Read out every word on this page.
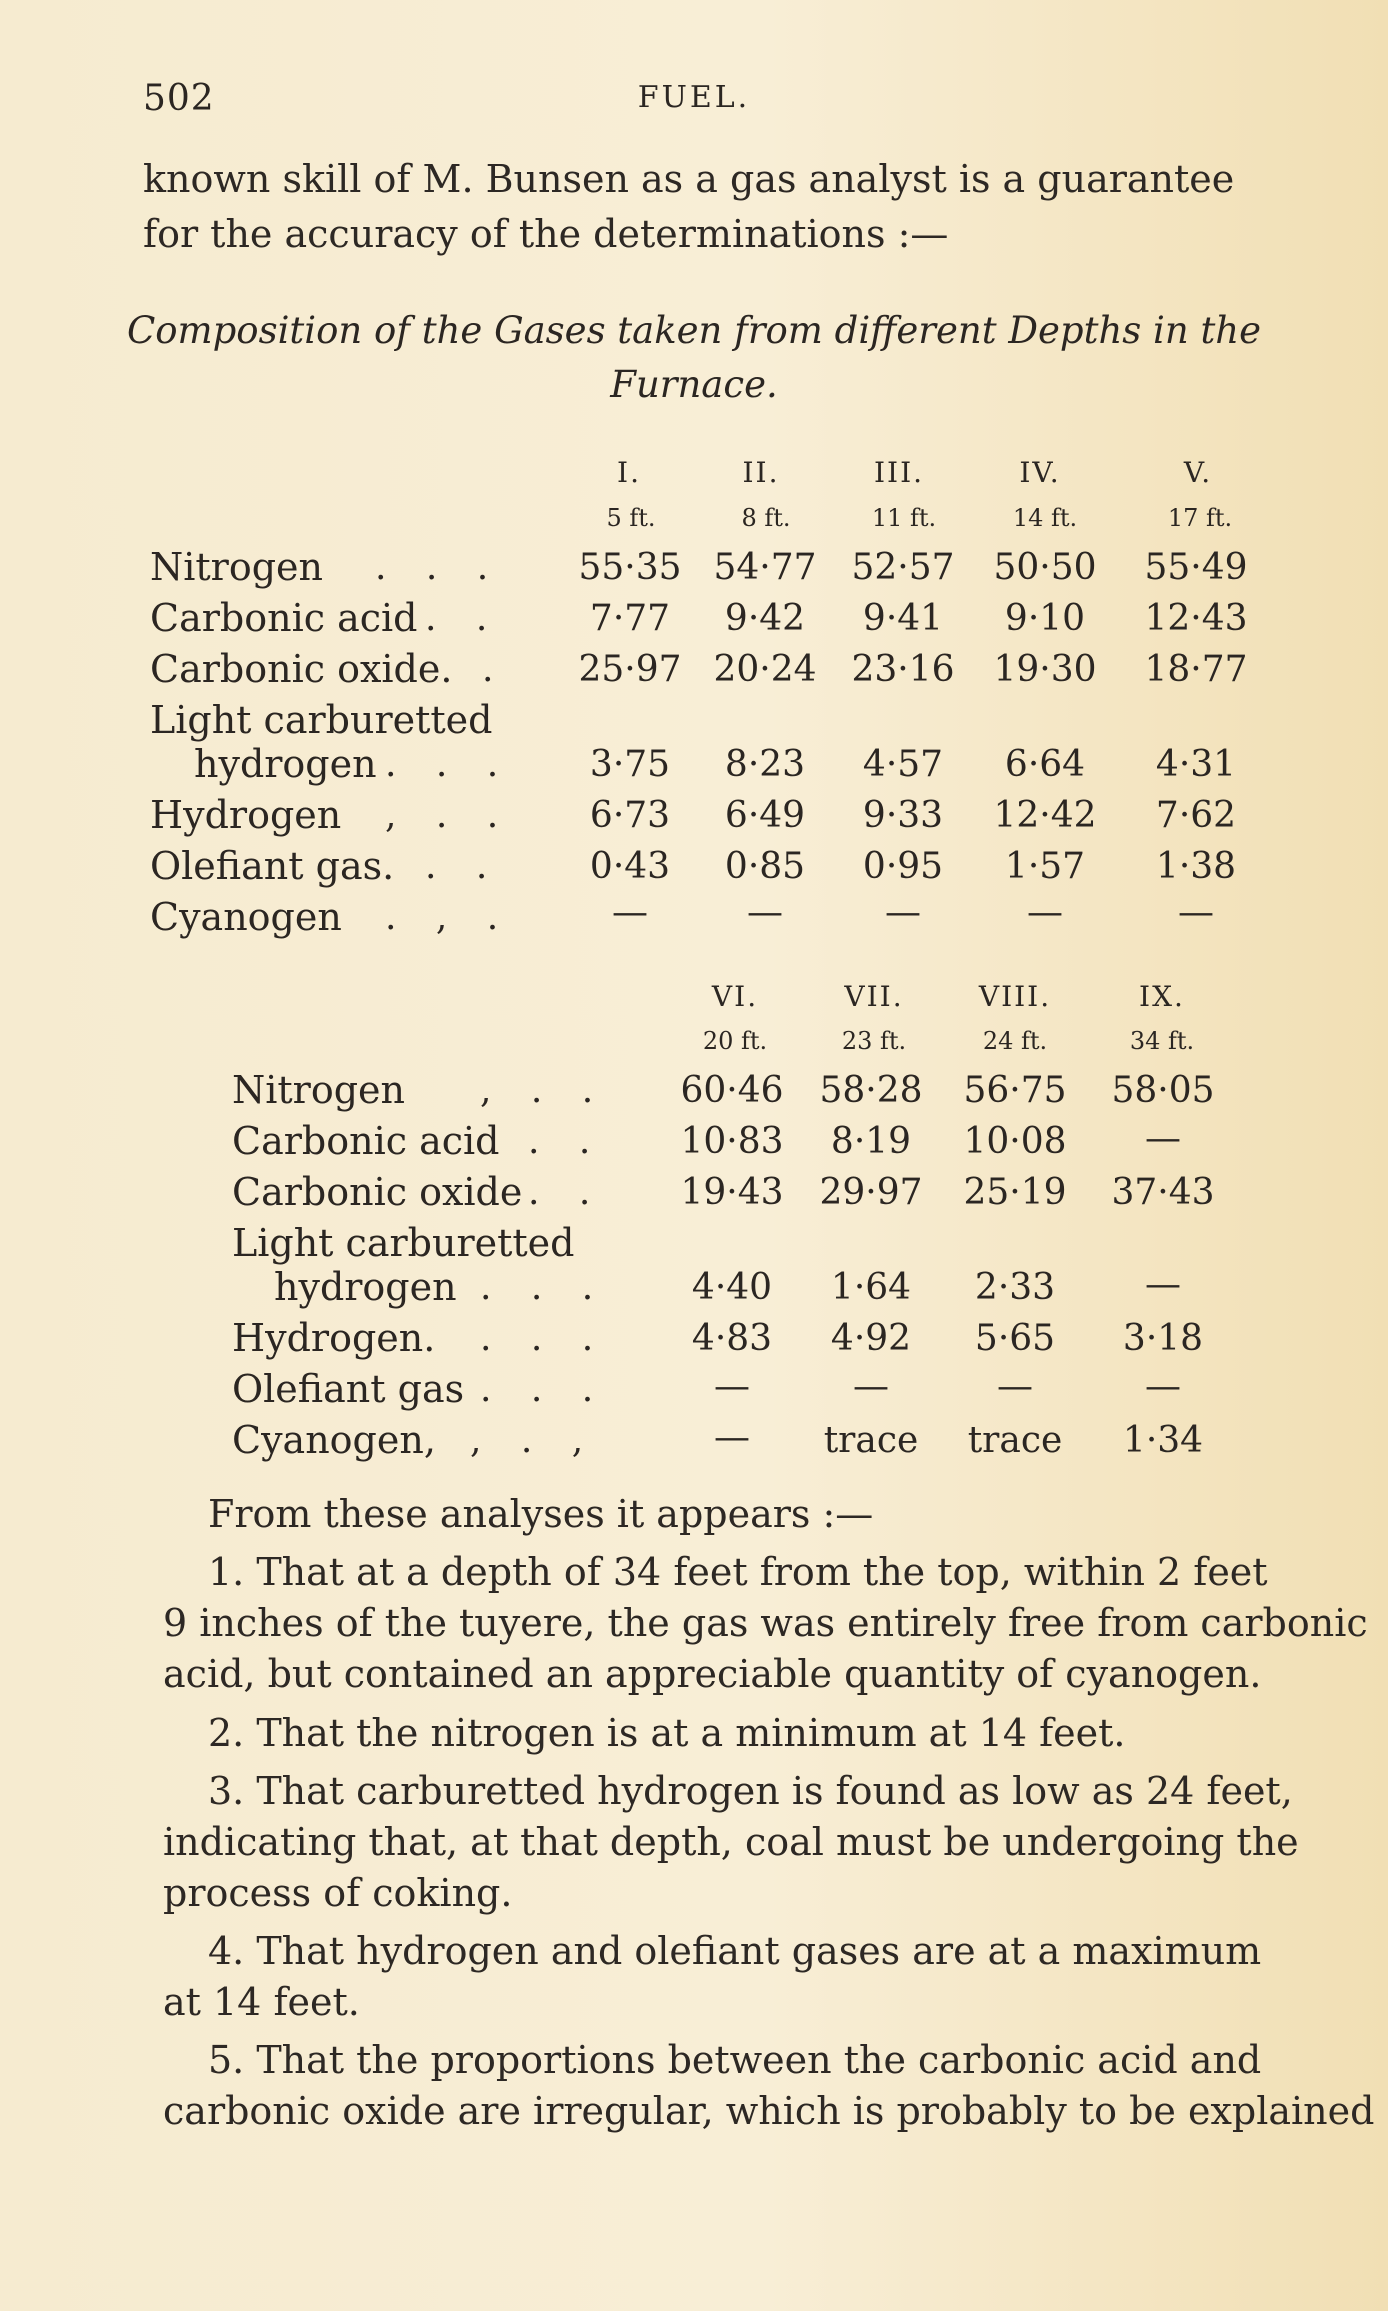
502	FUEL.
known skill of M. Bunsen as a gas analyst is a guarantee
for the accuracy of the determinations :—
Composition of the Gases taken from different Depths in the
Furnace.
I.	II.	III.	IV.	V.
5 ft.	8 ft.	11 ft.	14 ft.	17 ft.
Nitrogen . . . 55·35 54·77 52·57 50·50 55·49
Carbonic acid . .	7·77	9·42	9·41	9·10	12·43
Carbonic oxide. . 25·97 20·24 23·16 19·30 18·77
Light carburetted
hydrogen . . .	3·75	8·23	4·57	6·64	4·31
Hydrogen , . .	6·73	6·49	9·33	12·42	7·62
Olefiant gas. . .	0·43	0·85	0·95	1·57	1·38
Cyanogen . , .	—	—	—	—	—
VI.	VII.	VIII.	IX.
20 ft.	23 ft.	24 ft.	34 ft.
Nitrogen , . . 60·46 58·28 56·75 58·05
Carbonic acid . . 10·83	8·19	10·08	—
Carbonic oxide . . 19·43 29·97 25·19 37·43
Light carburetted
hydrogen . . .	4·40	1·64	2·33	—
Hydrogen. . . .	4·83	4·92	5·65	3·18
Olefiant gas . . .	—	—	—	—
Cyanogen, , . ,	—	trace	trace	1·34
From these analyses it appears :—
1. That at a depth of 34 feet from the top, within 2 feet
9 inches of the tuyere, the gas was entirely free from carbonic
acid, but contained an appreciable quantity of cyanogen.
2. That the nitrogen is at a minimum at 14 feet.
3. That carburetted hydrogen is found as low as 24 feet,
indicating that, at that depth, coal must be undergoing the
process of coking.
4. That hydrogen and olefiant gases are at a maximum
at 14 feet.
5. That the proportions between the carbonic acid and
carbonic oxide are irregular, which is probably to be explained
